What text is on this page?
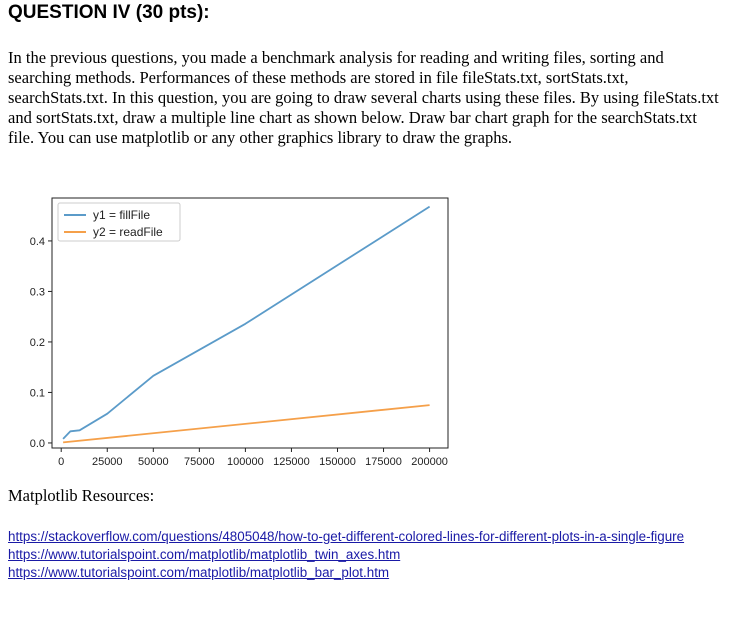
QUESTION IV (30 pts):
In the previous questions, you made a benchmark analysis for reading and writing files, sorting and searching methods. Performances of these methods are stored in file fileStats.txt, sortStats.txt, searchStats.txt. In this question, you are going to draw several charts using these files. By using fileStats.txt and sortStats.txt, draw a multiple line chart as shown below. Draw bar chart graph for the searchStats.txt file. You can use matplotlib or any other graphics library to draw the graphs.
0	25000 50000 75000 100000 125000 150000 175000 200000
0.0
0.1
0.2
0.3
0.4
y1 = fillFile
y2 = readFile
Matplotlib Resources:
https://stackoverflow.com/questions/4805048/how-to-get-different-colored-lines-for-different-plots-in-a-single-figure
https://www.tutorialspoint.com/matplotlib/matplotlib_twin_axes.htm
https://www.tutorialspoint.com/matplotlib/matplotlib_bar_plot.htm
